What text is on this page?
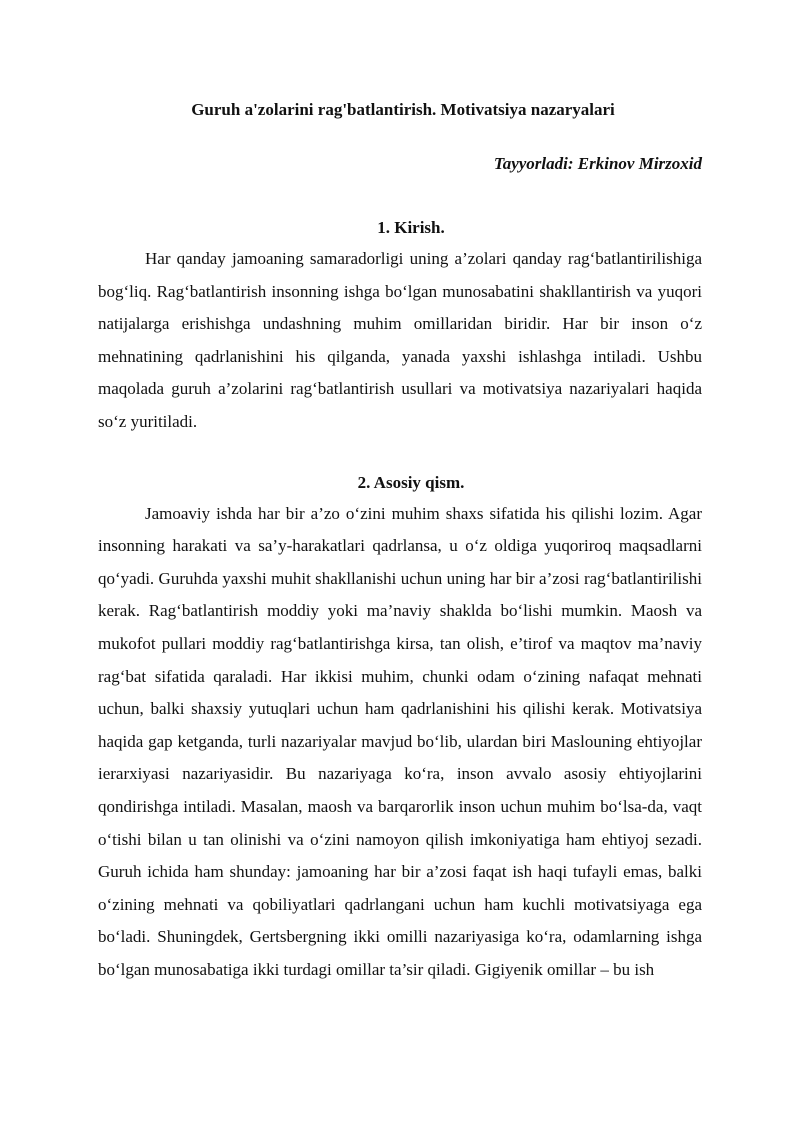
Guruh a'zolarini rag'batlantirish. Motivatsiya nazaryalari

Tayyorladi: Erkinov Mirzoxid

1. Kirish.

Har qanday jamoaning samaradorligi uning a’zolari qanday rag‘batlantirilishiga bog‘liq. Rag‘batlantirish insonning ishga bo‘lgan munosabatini shakllantirish va yuqori natijalarga erishishga undashning muhim omillaridan biridir. Har bir inson o‘z mehnatining qadrlanishini his qilganda, yanada yaxshi ishlashga intiladi. Ushbu maqolada guruh a’zolarini rag‘batlantirish usullari va motivatsiya nazariyalari haqida so‘z yuritiladi.

2. Asosiy qism.

Jamoaviy ishda har bir a’zo o‘zini muhim shaxs sifatida his qilishi lozim. Agar insonning harakati va sa’y-harakatlari qadrlansa, u o‘z oldiga yuqoriroq maqsadlarni qo‘yadi. Guruhda yaxshi muhit shakllanishi uchun uning har bir a’zosi rag‘batlantirilishi kerak. Rag‘batlantirish moddiy yoki ma’naviy shaklda bo‘lishi mumkin. Maosh va mukofot pullari moddiy rag‘batlantirishga kirsa, tan olish, e’tirof va maqtov ma’naviy rag‘bat sifatida qaraladi. Har ikkisi muhim, chunki odam o‘zining nafaqat mehnati uchun, balki shaxsiy yutuqlari uchun ham qadrlanishini his qilishi kerak. Motivatsiya haqida gap ketganda, turli nazariyalar mavjud bo‘lib, ulardan biri Maslouning ehtiyojlar ierarxiyasi nazariyasidir. Bu nazariyaga ko‘ra, inson avvalo asosiy ehtiyojlarini qondirishga intiladi. Masalan, maosh va barqarorlik inson uchun muhim bo‘lsa-da, vaqt o‘tishi bilan u tan olinishi va o‘zini namoyon qilish imkoniyatiga ham ehtiyoj sezadi. Guruh ichida ham shunday: jamoaning har bir a’zosi faqat ish haqi tufayli emas, balki o‘zining mehnati va qobiliyatlari qadrlangani uchun ham kuchli motivatsiyaga ega bo‘ladi. Shuningdek, Gertsbergning ikki omilli nazariyasiga ko‘ra, odamlarning ishga bo‘lgan munosabatiga ikki turdagi omillar ta’sir qiladi. Gigiyenik omillar – bu ish
